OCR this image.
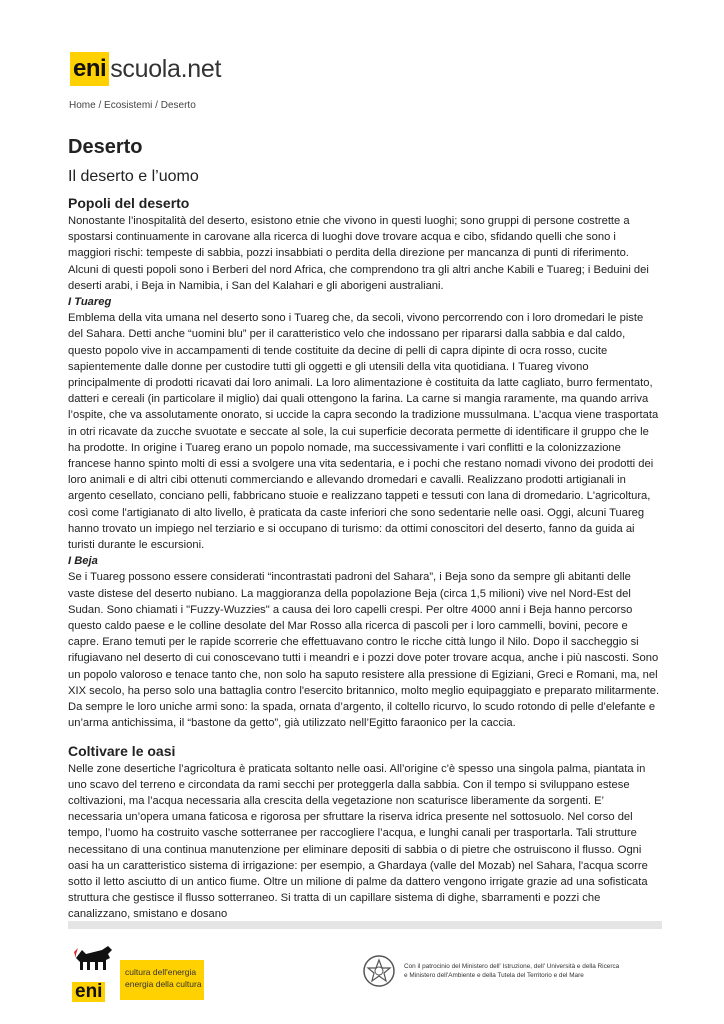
eni scuola.net
Home / Ecosistemi / Deserto
Deserto
Il deserto e l’uomo
Popoli del deserto

Nonostante l’inospitalità del deserto, esistono etnie che vivono in questi luoghi; sono gruppi di persone costrette a spostarsi continuamente in carovane alla ricerca di luoghi dove trovare acqua e cibo, sfidando quelli che sono i maggiori rischi: tempeste di sabbia, pozzi insabbiati o perdita della direzione per mancanza di punti di riferimento. Alcuni di questi popoli sono i Berberi del nord Africa, che comprendono tra gli altri anche Kabili e Tuareg; i Beduini dei deserti arabi, i Beja in Namibia, i San del Kalahari e gli aborigeni australiani.

I Tuareg
Emblema della vita umana nel deserto sono i Tuareg che, da secoli, vivono percorrendo con i loro dromedari le piste del Sahara. Detti anche “uomini blu” per il caratteristico velo che indossano per ripararsi dalla sabbia e dal caldo, questo popolo vive in accampamenti di tende costituite da decine di pelli di capra dipinte di ocra rosso, cucite sapientemente dalle donne per custodire tutti gli oggetti e gli utensili della vita quotidiana. I Tuareg vivono principalmente di prodotti ricavati dai loro animali. La loro alimentazione è costituita da latte cagliato, burro fermentato, datteri e cereali (in particolare il miglio) dai quali ottengono la farina. La carne si mangia raramente, ma quando arriva l’ospite, che va assolutamente onorato, si uccide la capra secondo la tradizione mussulmana. L’acqua viene trasportata in otri ricavate da zucche svuotate e seccate al sole, la cui superficie decorata permette di identificare il gruppo che le ha prodotte. In origine i Tuareg erano un popolo nomade, ma successivamente i vari conflitti e la colonizzazione francese hanno spinto molti di essi a svolgere una vita sedentaria, e i pochi che restano nomadi vivono dei prodotti dei loro animali e di altri cibi ottenuti commerciando e allevando dromedari e cavalli. Realizzano prodotti artigianali in argento cesellato, conciano pelli, fabbricano stuoie e realizzano tappeti e tessuti con lana di dromedario. L'agricoltura, così come l'artigianato di alto livello, è praticata da caste inferiori che sono sedentarie nelle oasi. Oggi, alcuni Tuareg hanno trovato un impiego nel terziario e si occupano di turismo: da ottimi conoscitori del deserto, fanno da guida ai turisti durante le escursioni.

I Beja
Se i Tuareg possono essere considerati “incontrastati padroni del Sahara”, i Beja sono da sempre gli abitanti delle vaste distese del deserto nubiano. La maggioranza della popolazione Beja (circa 1,5 milioni) vive nel Nord-Est del Sudan. Sono chiamati i "Fuzzy-Wuzzies" a causa dei loro capelli crespi. Per oltre 4000 anni i Beja hanno percorso questo caldo paese e le colline desolate del Mar Rosso alla ricerca di pascoli per i loro cammelli, bovini, pecore e capre. Erano temuti per le rapide scorrerie che effettuavano contro le ricche città lungo il Nilo. Dopo il saccheggio si rifugiavano nel deserto di cui conoscevano tutti i meandri e i pozzi dove poter trovare acqua, anche i più nascosti. Sono un popolo valoroso e tenace tanto che, non solo ha saputo resistere alla pressione di Egiziani, Greci e Romani, ma, nel XIX secolo, ha perso solo una battaglia contro l'esercito britannico, molto meglio equipaggiato e preparato militarmente. Da sempre le loro uniche armi sono: la spada, ornata d’argento, il coltello ricurvo, lo scudo rotondo di pelle d’elefante e un’arma antichissima, il “bastone da getto”, già utilizzato nell’Egitto faraonico per la caccia.

Coltivare le oasi

Nelle zone desertiche l’agricoltura è praticata soltanto nelle oasi. All’origine c'è spesso una singola palma, piantata in uno scavo del terreno e circondata da rami secchi per proteggerla dalla sabbia. Con il tempo si sviluppano estese coltivazioni, ma l’acqua necessaria alla crescita della vegetazione non scaturisce liberamente da sorgenti. E’ necessaria un’opera umana faticosa e rigorosa per sfruttare la riserva idrica presente nel sottosuolo. Nel corso del tempo, l’uomo ha costruito vasche sotterranee per raccogliere l’acqua, e lunghi canali per trasportarla. Tali strutture necessitano di una continua manutenzione per eliminare depositi di sabbia o di pietre che ostruiscono il flusso. Ogni oasi ha un caratteristico sistema di irrigazione: per esempio, a Ghardaya (valle del Mozab) nel Sahara, l'acqua scorre sotto il letto asciutto di un antico fiume. Oltre un milione di palme da dattero vengono irrigate grazie ad una sofisticata struttura che gestisce il flusso sotterraneo. Si tratta di un capillare sistema di dighe, sbarramenti e pozzi che canalizzano, smistano e dosano

eni
cultura dell'energia
energia della cultura
Con il patrocinio del Ministero dell' Istruzione, dell' Università e della Ricerca
e Ministero dell'Ambiente e della Tutela del Territorio e del Mare
